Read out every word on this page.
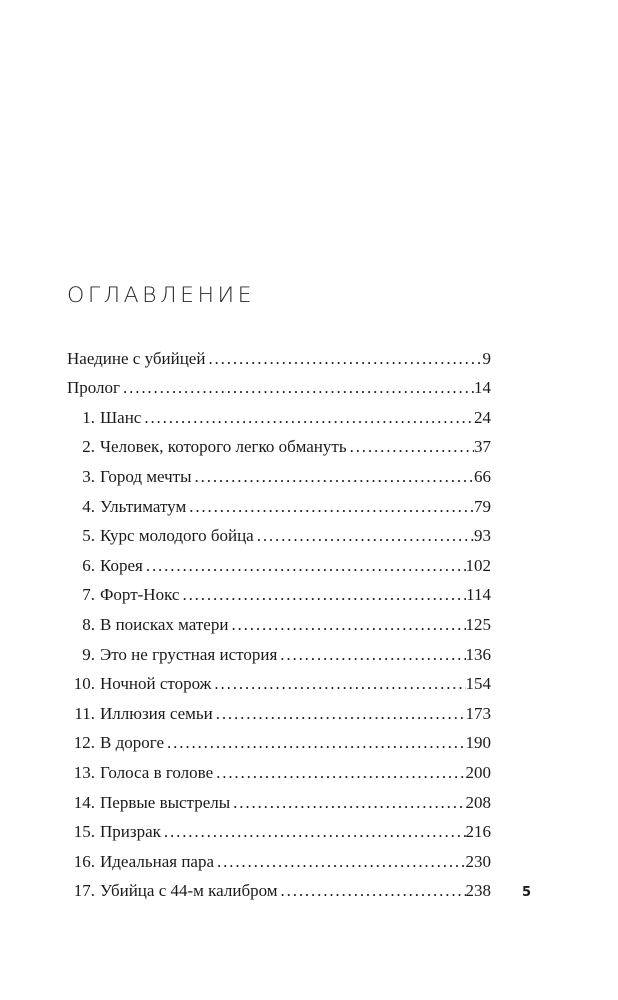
ОГЛАВЛЕНИЕ
Наедине с убийцей . . .	9
Пролог . . .	14
1. Шанс . . .	24
2. Человек, которого легко обмануть . . .	37
3. Город мечты . . .	66
4. Ультиматум . . .	79
5. Курс молодого бойца . . .	93
6. Корея . . .	102
7. Форт-Нокс . . .	114
8. В поисках матери . . .	125
9. Это не грустная история . . .	136
10. Ночной сторож . . .	154
11. Иллюзия семьи . . .	173
12. В дороге . . .	190
13. Голоса в голове . . .	200
14. Первые выстрелы . . .	208
15. Призрак . . .	216
16. Идеальная пара . . .	230
17. Убийца с 44-м калибром . . .	238 5
